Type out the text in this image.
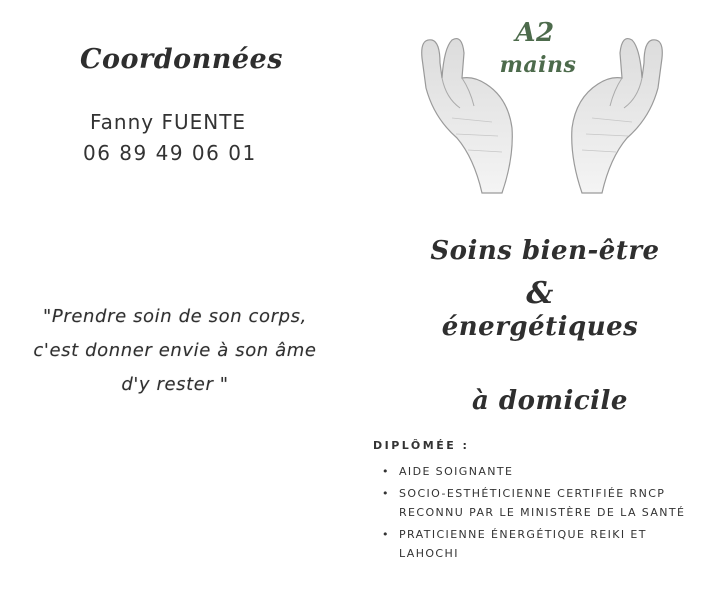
Coordonnées
Fanny FUENTE
06 89 49 06 01
"Prendre soin de son corps, c'est donner envie à son âme d'y rester "
A2
mains
Soins bien-être
&
énergétiques
à domicile
DIPLÔMÉE :
• AIDE SOIGNANTE
• SOCIO-ESTHÉTICIENNE CERTIFIÉE RNCP RECONNU PAR LE MINISTÈRE DE LA SANTÉ
• PRATICIENNE ÉNERGÉTIQUE REIKI ET LAHOCHI
